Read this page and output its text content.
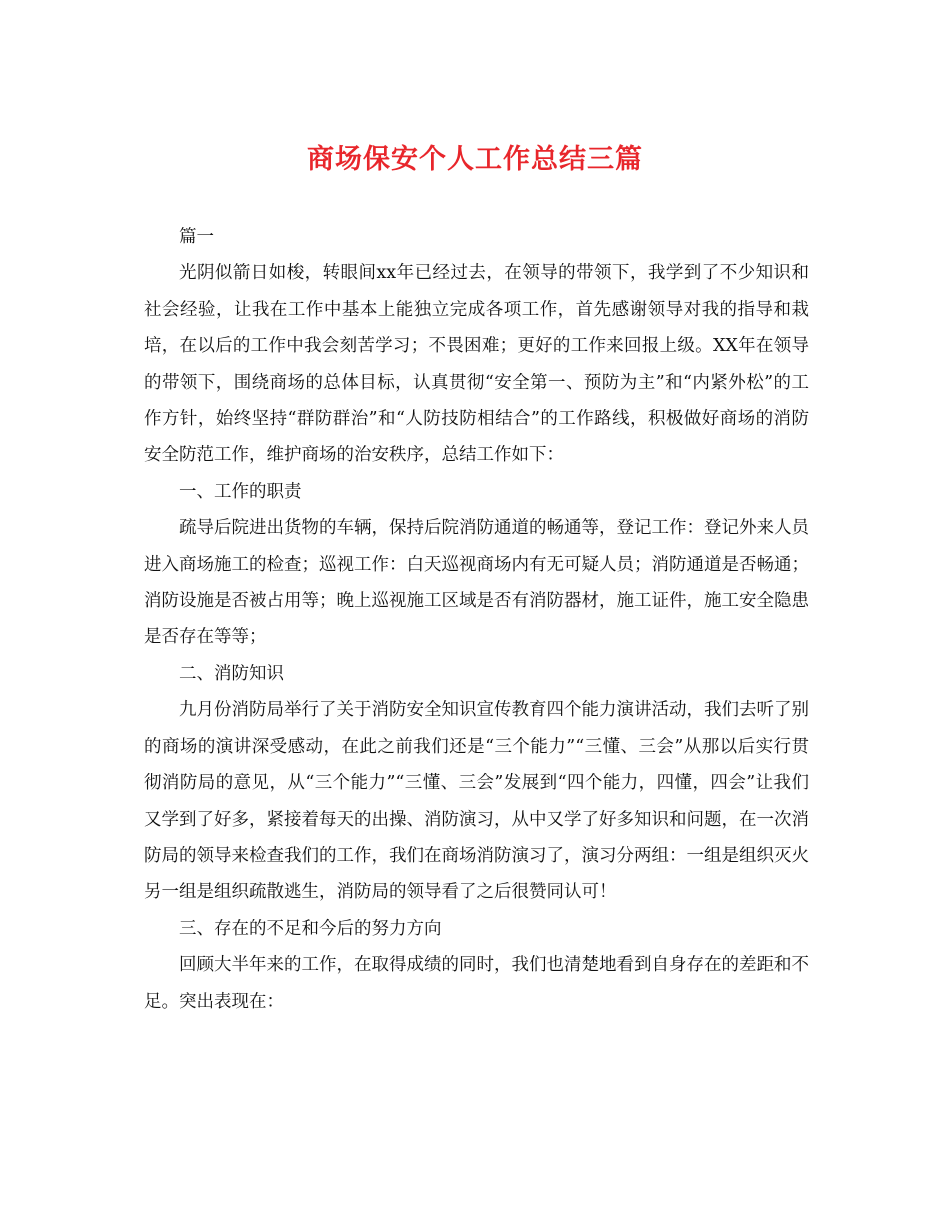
商场保安个人工作总结三篇

篇一

光阴似箭日如梭，转眼间xx年已经过去，在领导的带领下，我学到了不少知识和社会经验，让我在工作中基本上能独立完成各项工作，首先感谢领导对我的指导和栽培，在以后的工作中我会刻苦学习；不畏困难；更好的工作来回报上级。XX年在领导的带领下，围绕商场的总体目标，认真贯彻“安全第一、预防为主”和“内紧外松”的工作方针，始终坚持“群防群治”和“人防技防相结合”的工作路线，积极做好商场的消防安全防范工作，维护商场的治安秩序，总结工作如下：

一、工作的职责

疏导后院进出货物的车辆，保持后院消防通道的畅通等，登记工作：登记外来人员进入商场施工的检查；巡视工作：白天巡视商场内有无可疑人员；消防通道是否畅通；消防设施是否被占用等；晚上巡视施工区域是否有消防器材，施工证件，施工安全隐患是否存在等等；

二、消防知识

九月份消防局举行了关于消防安全知识宣传教育四个能力演讲活动，我们去听了别的商场的演讲深受感动，在此之前我们还是“三个能力”“三懂、三会”从那以后实行贯彻消防局的意见，从“三个能力”“三懂、三会”发展到“四个能力，四懂，四会”让我们又学到了好多，紧接着每天的出操、消防演习，从中又学了好多知识和问题，在一次消防局的领导来检查我们的工作，我们在商场消防演习了，演习分两组：一组是组织灭火另一组是组织疏散逃生，消防局的领导看了之后很赞同认可！

三、存在的不足和今后的努力方向

回顾大半年来的工作，在取得成绩的同时，我们也清楚地看到自身存在的差距和不足。突出表现在：
